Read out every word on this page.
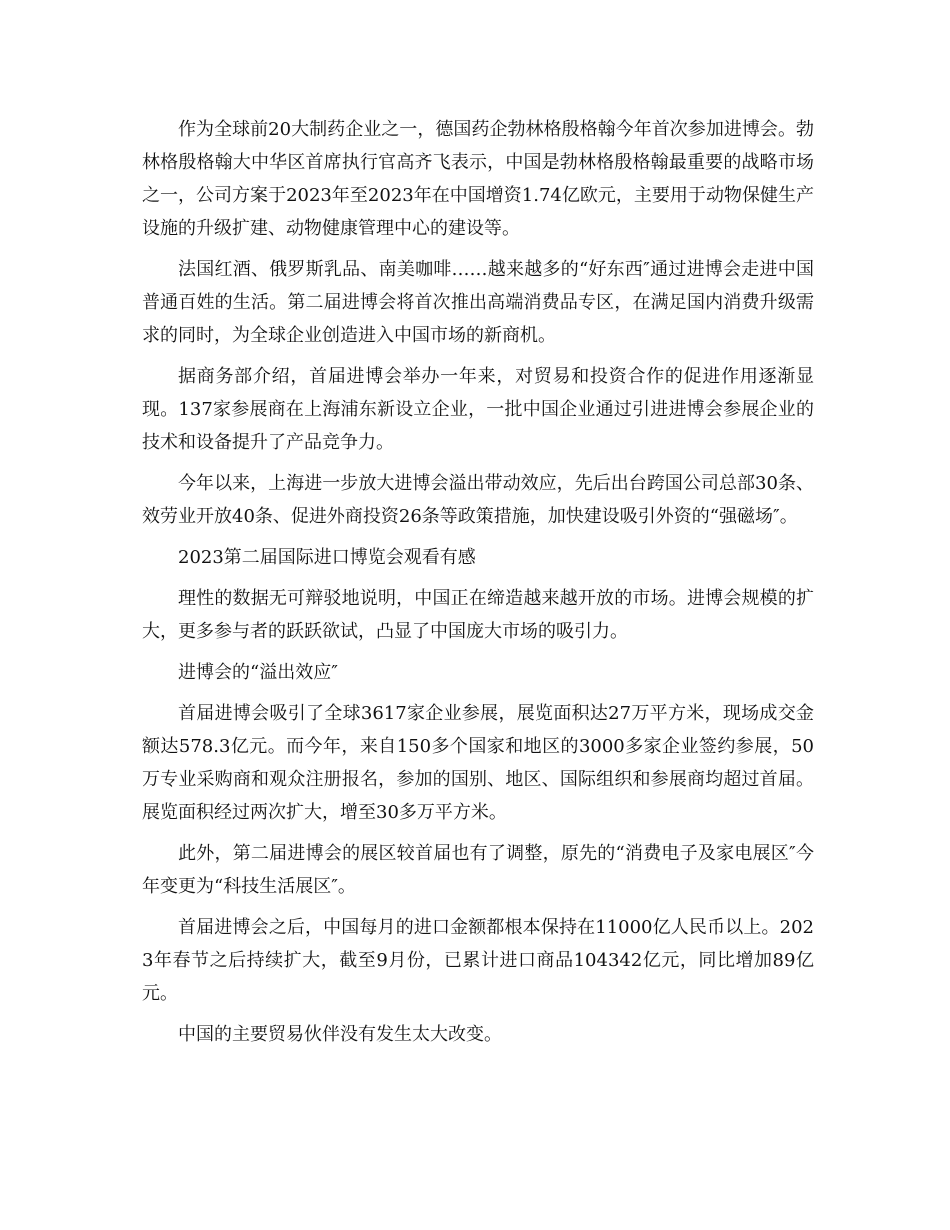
作为全球前20大制药企业之一，德国药企勃林格殷格翰今年首次参加进博会。勃林格殷格翰大中华区首席执行官高齐飞表示，中国是勃林格殷格翰最重要的战略市场之一，公司方案于2023年至2023年在中国增资1.74亿欧元，主要用于动物保健生产设施的升级扩建、动物健康管理中心的建设等。

法国红酒、俄罗斯乳品、南美咖啡……越来越多的“好东西″通过进博会走进中国普通百姓的生活。第二届进博会将首次推出高端消费品专区，在满足国内消费升级需求的同时，为全球企业创造进入中国市场的新商机。

据商务部介绍，首届进博会举办一年来，对贸易和投资合作的促进作用逐渐显现。137家参展商在上海浦东新设立企业，一批中国企业通过引进进博会参展企业的技术和设备提升了产品竞争力。

今年以来，上海进一步放大进博会溢出带动效应，先后出台跨国公司总部30条、效劳业开放40条、促进外商投资26条等政策措施，加快建设吸引外资的“强磁场″。

2023第二届国际进口博览会观看有感

理性的数据无可辩驳地说明，中国正在缔造越来越开放的市场。进博会规模的扩大，更多参与者的跃跃欲试，凸显了中国庞大市场的吸引力。

进博会的“溢出效应″

首届进博会吸引了全球3617家企业参展，展览面积达27万平方米，现场成交金额达578.3亿元。而今年，来自150多个国家和地区的3000多家企业签约参展，50万专业采购商和观众注册报名，参加的国别、地区、国际组织和参展商均超过首届。展览面积经过两次扩大，增至30多万平方米。

此外，第二届进博会的展区较首届也有了调整，原先的“消费电子及家电展区″今年变更为“科技生活展区″。

首届进博会之后，中国每月的进口金额都根本保持在11000亿人民币以上。2023年春节之后持续扩大，截至9月份，已累计进口商品104342亿元，同比增加89亿元。

中国的主要贸易伙伴没有发生太大改变。
